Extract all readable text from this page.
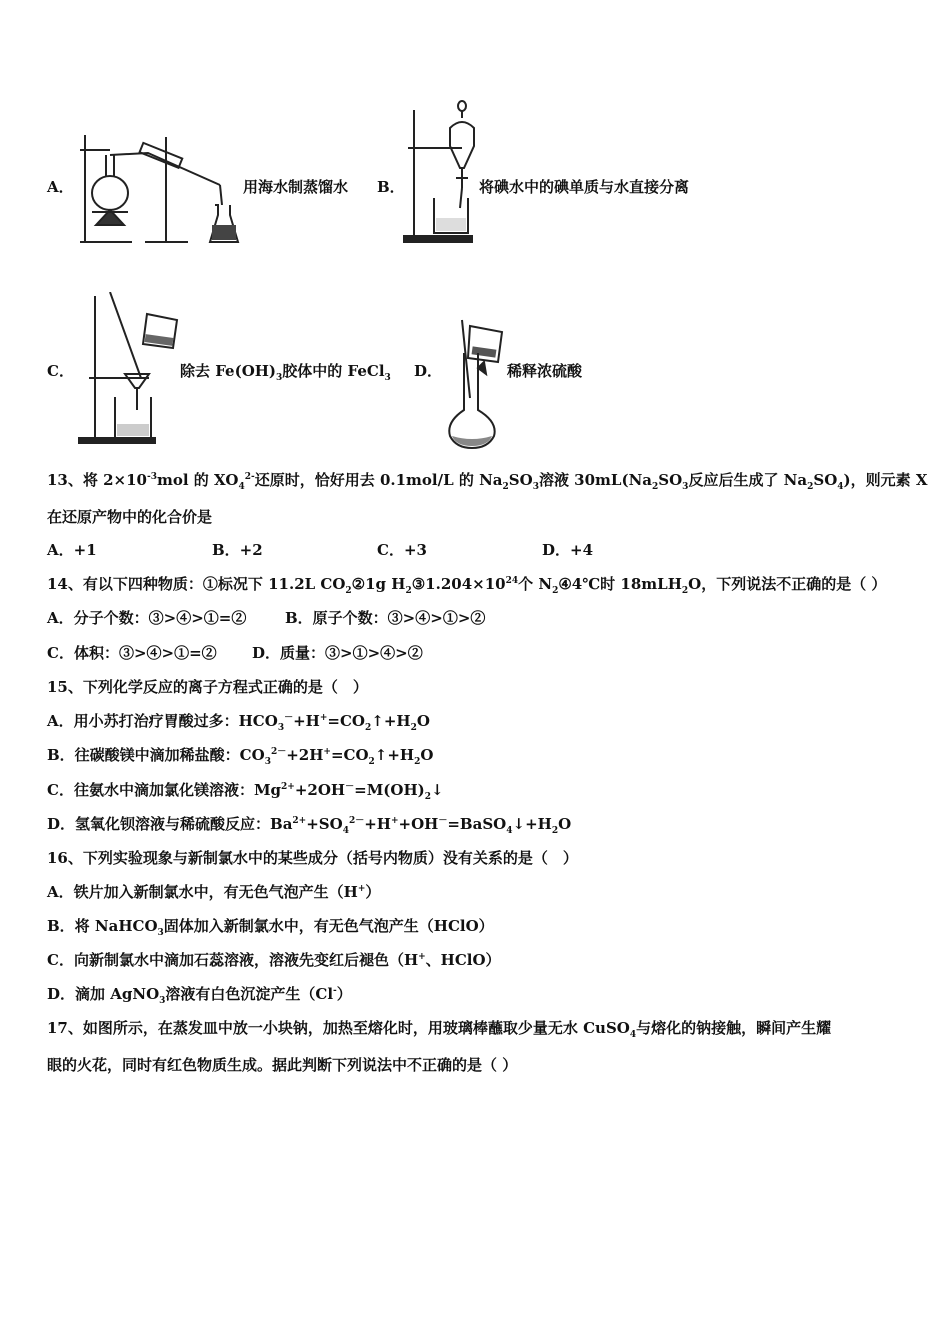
A．	用海水制蒸馏水 B．	将碘水中的碘单质与水直接分离
C．	除去 $Fe(OH)_3$胶体中的 FeCl$_3$ D．	稀释浓硫酸
13、将 $2\times 10^{-3}mol$ 的 $XO_4^{2-}$还原时，恰好用去 0.1mol/L 的 $Na_2SO_3$溶液 $30mL(Na_2SO_3$反应后生成了 $Na_2SO_4$)，则元素 X
在还原产物中的化合价是
A．+1	B．+2	C．+3	D．+4
14、有以下四种物质：①标况下 11.2L $CO_2②1g$ $H_2③1.204\times 10^{24}$个 $N_2④4℃$时 18mLH$_2$O，下列说法不正确的是（ ）
A．分子个数：③>④>①=②	B．原子个数：③>④>①>②
C．体积：③>④>①=② D．质量：③>①>④>②
15、下列化学反应的离子方程式正确的是（　）
A．用小苏打治疗胃酸过多：$HCO_3^-+H^+=CO_2↑+H_2O$
B．往碳酸镁中滴加稀盐酸：$CO_3^{2-}+2H^+=CO_2↑+H_2O$
C．往氨水中滴加氯化镁溶液：$Mg^{2+}+2OH^-=M(OH)_2↓$
D．氢氧化钡溶液与稀硫酸反应：$Ba^{2+}+SO_4^{2-}+H^++OH^-=BaSO_4↓+H_2O$
16、下列实验现象与新制氯水中的某些成分（括号内物质）没有关系的是（　）
A．铁片加入新制氯水中，有无色气泡产生（H+）
B．将 NaHCO$_3$固体加入新制氯水中，有无色气泡产生（HClO）
C．向新制氯水中滴加石蕊溶液，溶液先变红后褪色（H+、HClO）
D．滴加 AgNO$_3$溶液有白色沉淀产生（Cl-）
17、如图所示，在蒸发皿中放一小块钠，加热至熔化时，用玻璃棒蘸取少量无水 CuSO$_4$与熔化的钠接触，瞬间产生耀
眼的火花，同时有红色物质生成。据此判断下列说法中不正确的是（ ）
